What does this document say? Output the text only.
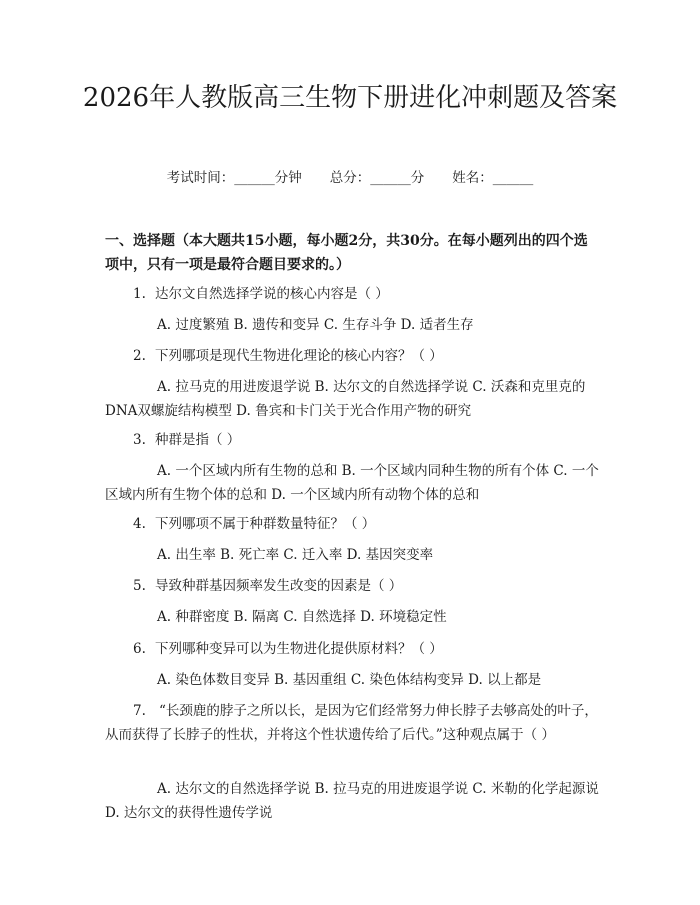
2026年人教版高三生物下册进化冲刺题及答案
考试时间：______分钟 总分：______分 姓名：______

一、选择题（本大题共15小题，每小题2分，共30分。在每小题列出的四个选项中，只有一项是最符合题目要求的。）

1. 达尔文自然选择学说的核心内容是（ ）

A. 过度繁殖 B. 遗传和变异 C. 生存斗争 D. 适者生存

2. 下列哪项是现代生物进化理论的核心内容？（ ）

A. 拉马克的用进废退学说 B. 达尔文的自然选择学说 C. 沃森和克里克的DNA双螺旋结构模型 D. 鲁宾和卡门关于光合作用产物的研究

3. 种群是指（ ）

A. 一个区域内所有生物的总和 B. 一个区域内同种生物的所有个体 C. 一个区域内所有生物个体的总和 D. 一个区域内所有动物个体的总和

4. 下列哪项不属于种群数量特征？（ ）

A. 出生率 B. 死亡率 C. 迁入率 D. 基因突变率

5. 导致种群基因频率发生改变的因素是（ ）

A. 种群密度 B. 隔离 C. 自然选择 D. 环境稳定性

6. 下列哪种变异可以为生物进化提供原材料？（ ）

A. 染色体数目变异 B. 基因重组 C. 染色体结构变异 D. 以上都是

7. “长颈鹿的脖子之所以长，是因为它们经常努力伸长脖子去够高处的叶子，从而获得了长脖子的性状，并将这个性状遗传给了后代。”这种观点属于（ ）

A. 达尔文的自然选择学说 B. 拉马克的用进废退学说 C. 米勒的化学起源说 D. 达尔文的获得性遗传学说
